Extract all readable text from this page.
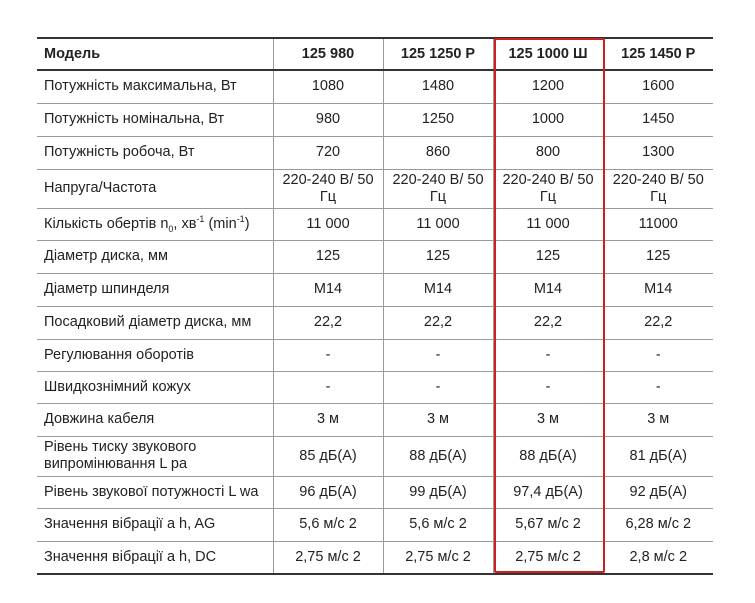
Модель	125 980	125 1250 Р	125 1000 Ш	125 1450 Р
Потужність максимальна, Вт	1080	1480	1200	1600
Потужність номінальна, Вт	980	1250	1000	1450
Потужність робоча, Вт	720	860	800	1300
Напруга/Частота	220-240 В/ 50 Гц	220-240 В/ 50 Гц	220-240 В/ 50 Гц	220-240 В/ 50 Гц
Кількість обертів $n_0$, $хв^{-1}$ $(\min^{-1})$	11 000	11 000	11 000	11000
Діаметр диска, мм	125	125	125	125
Діаметр шпинделя	М14	М14	М14	М14
Посадковий діаметр диска, мм	22,2	22,2	22,2	22,2
Регулювання оборотів	-	-	-	-
Швидкознімний кожух	-	-	-	-
Довжина кабеля	3 м	3 м	3 м	3 м
Рівень тиску звукового випромінювання L pa	85 дБ(А)	88 дБ(А)	88 дБ(А)	81 дБ(А)
Рівень звукової потужності L wa	96 дБ(А)	99 дБ(А)	97,4 дБ(А)	92 дБ(А)
Значення вібрації a h, AG	5,6 м/с 2	5,6 м/с 2	5,67 м/с 2	6,28 м/с 2
Значення вібрації a h, DC	2,75 м/с 2	2,75 м/с 2	2,75 м/с 2	2,8 м/с 2
